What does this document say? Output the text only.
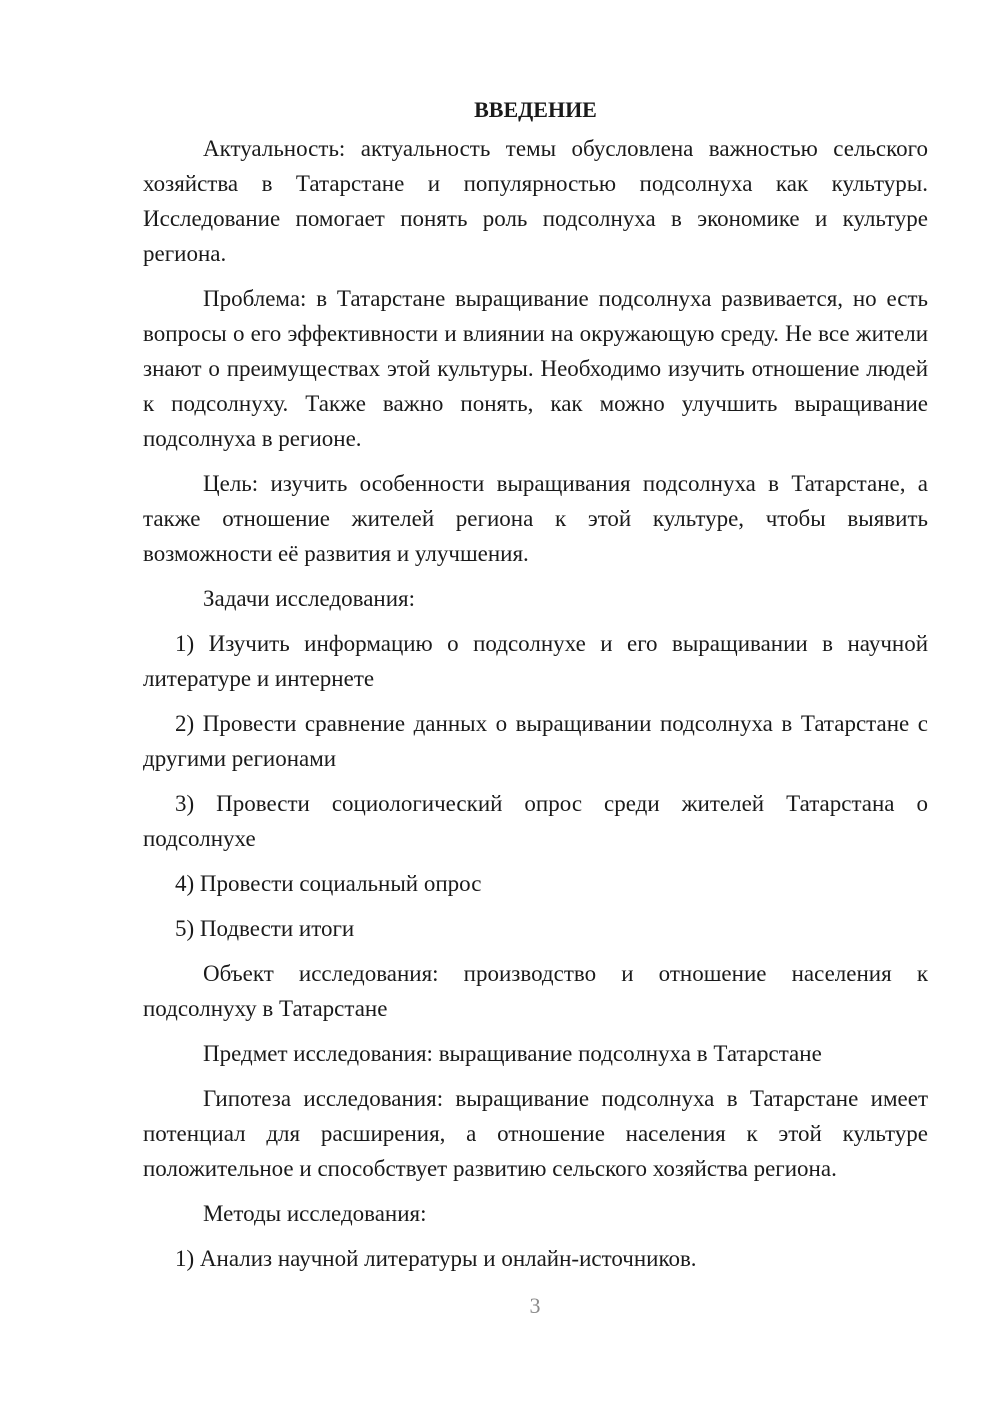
ВВЕДЕНИЕ

Актуальность: актуальность темы обусловлена важностью сельского хозяйства в Татарстане и популярностью подсолнуха как культуры. Исследование помогает понять роль подсолнуха в экономике и культуре региона.

Проблема: в Татарстане выращивание подсолнуха развивается, но есть вопросы о его эффективности и влиянии на окружающую среду. Не все жители знают о преимуществах этой культуры. Необходимо изучить отношение людей к подсолнуху. Также важно понять, как можно улучшить выращивание подсолнуха в регионе.

Цель: изучить особенности выращивания подсолнуха в Татарстане, а также отношение жителей региона к этой культуре, чтобы выявить возможности её развития и улучшения.

Задачи исследования:

1) Изучить информацию о подсолнухе и его выращивании в научной литературе и интернете

2) Провести сравнение данных о выращивании подсолнуха в Татарстане с другими регионами

3) Провести социологический опрос среди жителей Татарстана о подсолнухе

4) Провести социальный опрос

5) Подвести итоги

Объект исследования: производство и отношение населения к подсолнуху в Татарстане

Предмет исследования: выращивание подсолнуха в Татарстане

Гипотеза исследования: выращивание подсолнуха в Татарстане имеет потенциал для расширения, а отношение населения к этой культуре положительное и способствует развитию сельского хозяйства региона.

Методы исследования:

1) Анализ научной литературы и онлайн-источников.

3
